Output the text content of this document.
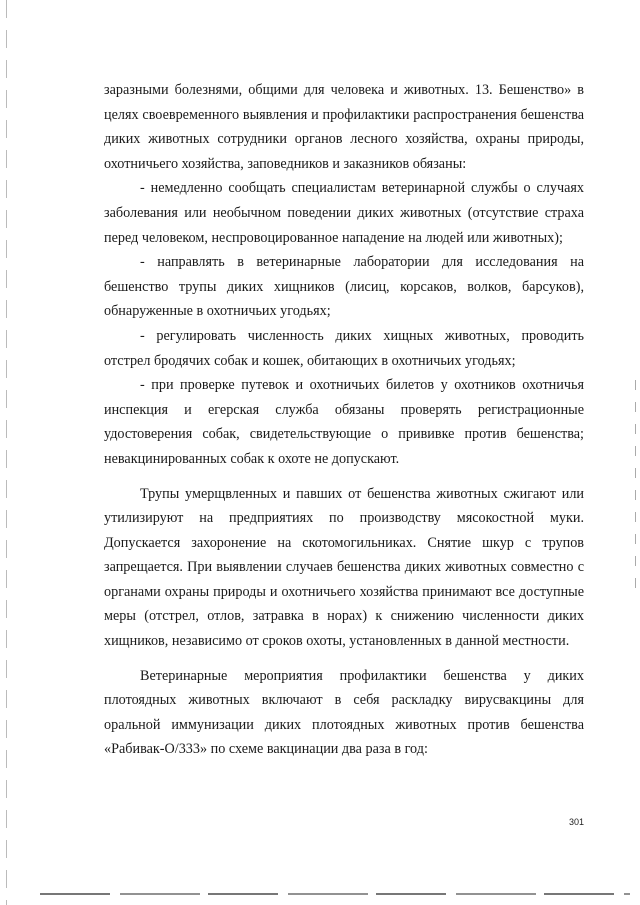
заразными болезнями, общими для человека и животных. 13. Бешенство» в целях своевременного выявления и профилактики распространения бешенства диких животных сотрудники органов лесного хозяйства, охраны природы, охотничьего хозяйства, заповедников и заказников обязаны:

- немедленно сообщать специалистам ветеринарной службы о случаях заболевания или необычном поведении диких животных (отсутствие страха перед человеком, неспровоцированное нападение на людей или животных);

- направлять в ветеринарные лаборатории для исследования на бешенство трупы диких хищников (лисиц, корсаков, волков, барсуков), обнаруженные в охотничьих угодьях;

- регулировать численность диких хищных животных, проводить отстрел бродячих собак и кошек, обитающих в охотничьих угодьях;

- при проверке путевок и охотничьих билетов у охотников охотничья инспекция и егерская служба обязаны проверять регистрационные удостоверения собак, свидетельствующие о прививке против бешенства; невакцинированных собак к охоте не допускают.

Трупы умерщвленных и павших от бешенства животных сжигают или утилизируют на предприятиях по производству мясокостной муки. Допускается захоронение на скотомогильниках. Снятие шкур с трупов запрещается. При выявлении случаев бешенства диких животных совместно с органами охраны природы и охотничьего хозяйства принимают все доступные меры (отстрел, отлов, затравка в норах) к снижению численности диких хищников, независимо от сроков охоты, установленных в данной местности.

Ветеринарные мероприятия профилактики бешенства у диких плотоядных животных включают в себя раскладку вирусвакцины для оральной иммунизации диких плотоядных животных против бешенства «Рабивак-О/333» по схеме вакцинации два раза в год:

301
